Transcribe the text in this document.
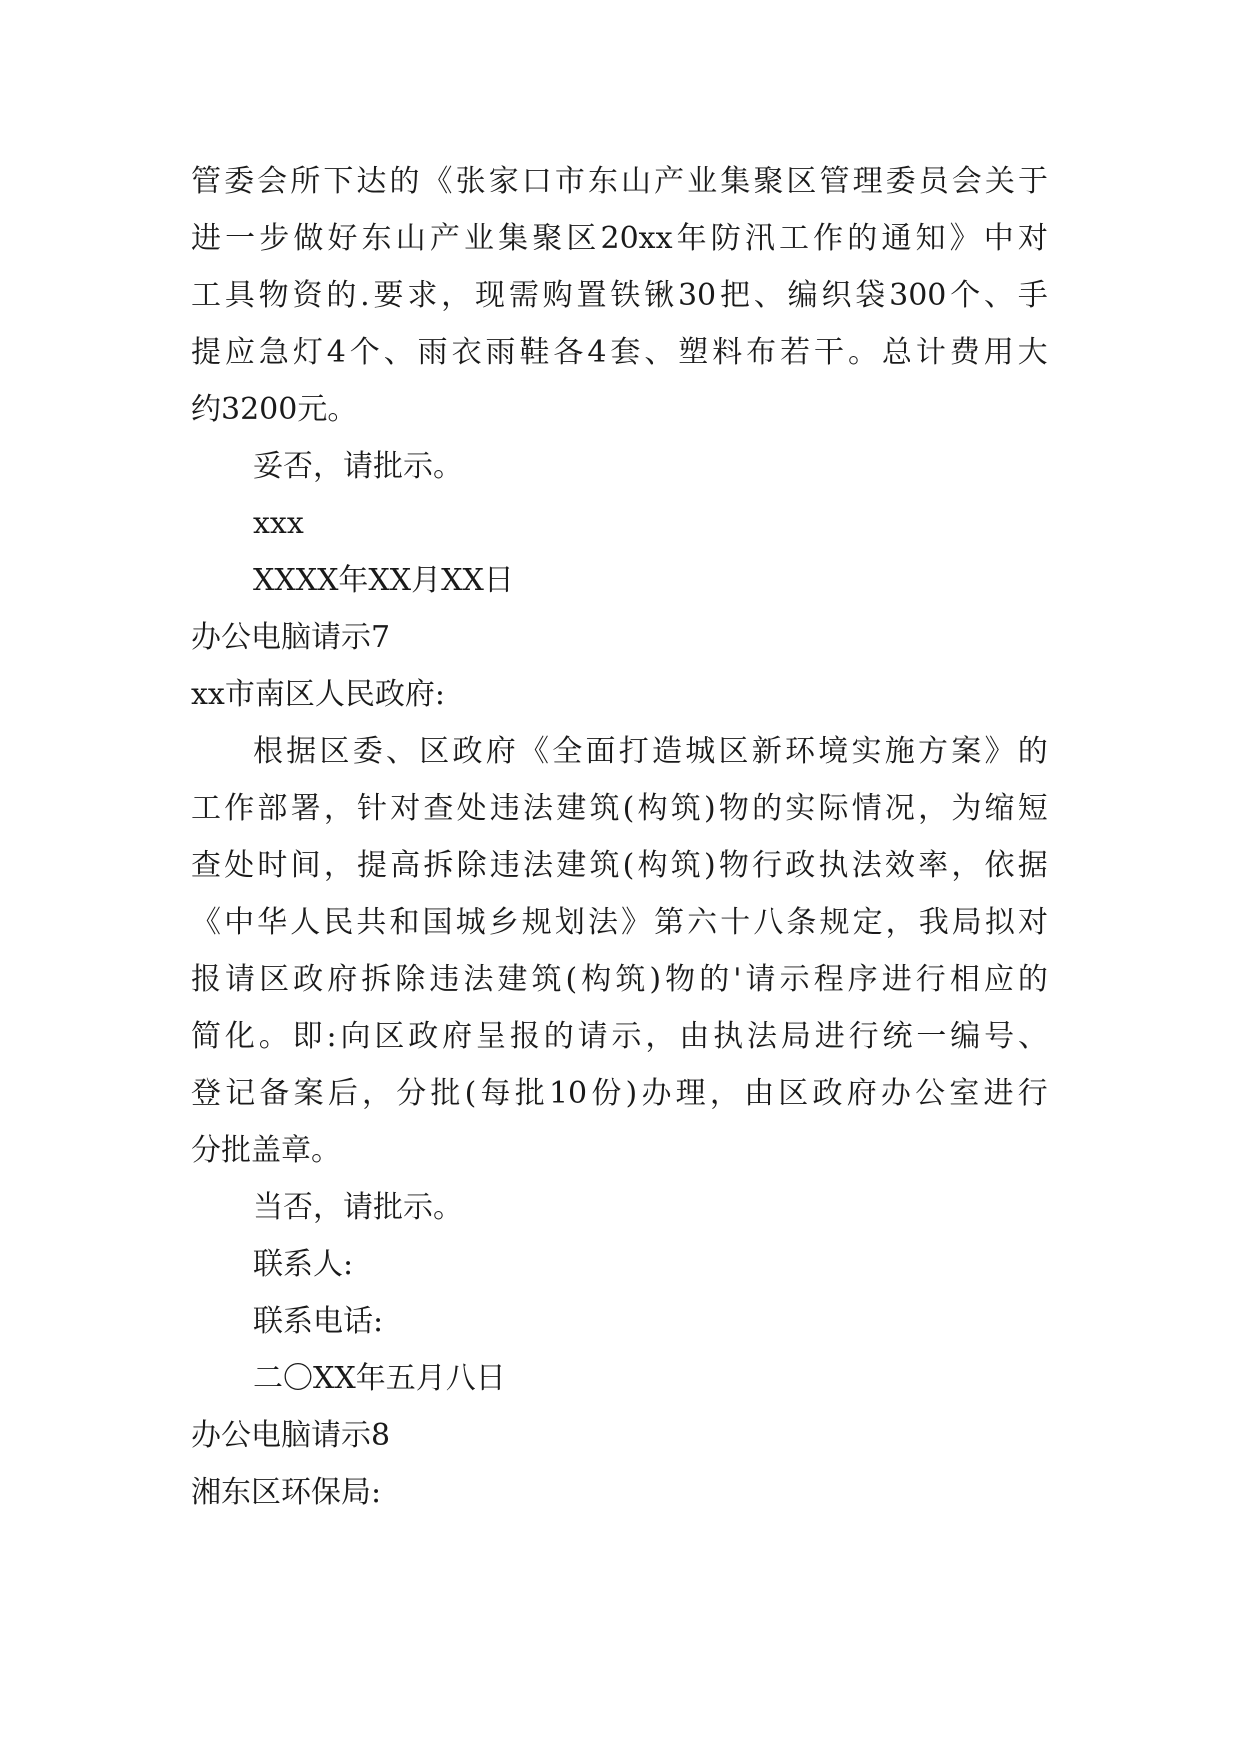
管 委 会 所 下 达 的 《 张 家 口 市 东 山 产 业 集 聚 区 管 理 委 员 会 关 于
进 一 步 做 好 东 山 产 业 集 聚 区 20xx 年 防 汛 工 作 的 通 知 》 中 对
工 具 物 资 的 . 要 求 ， 现 需 购 置 铁 锹 30 把 、 编 织 袋 300 个 、 手
提 应 急 灯 4 个 、 雨 衣 雨 鞋 各 4 套 、 塑 料 布 若 干 。 总 计 费 用 大
约3200元。
妥否，请批示。
xxx
XXXX年XX月XX日
办公电脑请示7
xx市南区人民政府:
根 据 区 委 、 区 政 府 《 全 面 打 造 城 区 新 环 境 实 施 方 案 》 的
工 作 部 署 ， 针 对 查 处 违 法 建 筑 ( 构 筑 ) 物 的 实 际 情 况 ， 为 缩 短
查 处 时 间 ， 提 高 拆 除 违 法 建 筑 ( 构 筑 ) 物 行 政 执 法 效 率 ， 依 据
《 中 华 人 民 共 和 国 城 乡 规 划 法 》 第 六 十 八 条 规 定 ， 我 局 拟 对
报 请 区 政 府 拆 除 违 法 建 筑 ( 构 筑 ) 物 的 ' 请 示 程 序 进 行 相 应 的
简 化 。 即 : 向 区 政 府 呈 报 的 请 示 ， 由 执 法 局 进 行 统 一 编 号 、
登 记 备 案 后 ， 分 批 ( 每 批 10 份 ) 办 理 ， 由 区 政 府 办 公 室 进 行
分批盖章。
当否，请批示。
联系人:
联系电话:
二〇XX年五月八日
办公电脑请示8
湘东区环保局:
